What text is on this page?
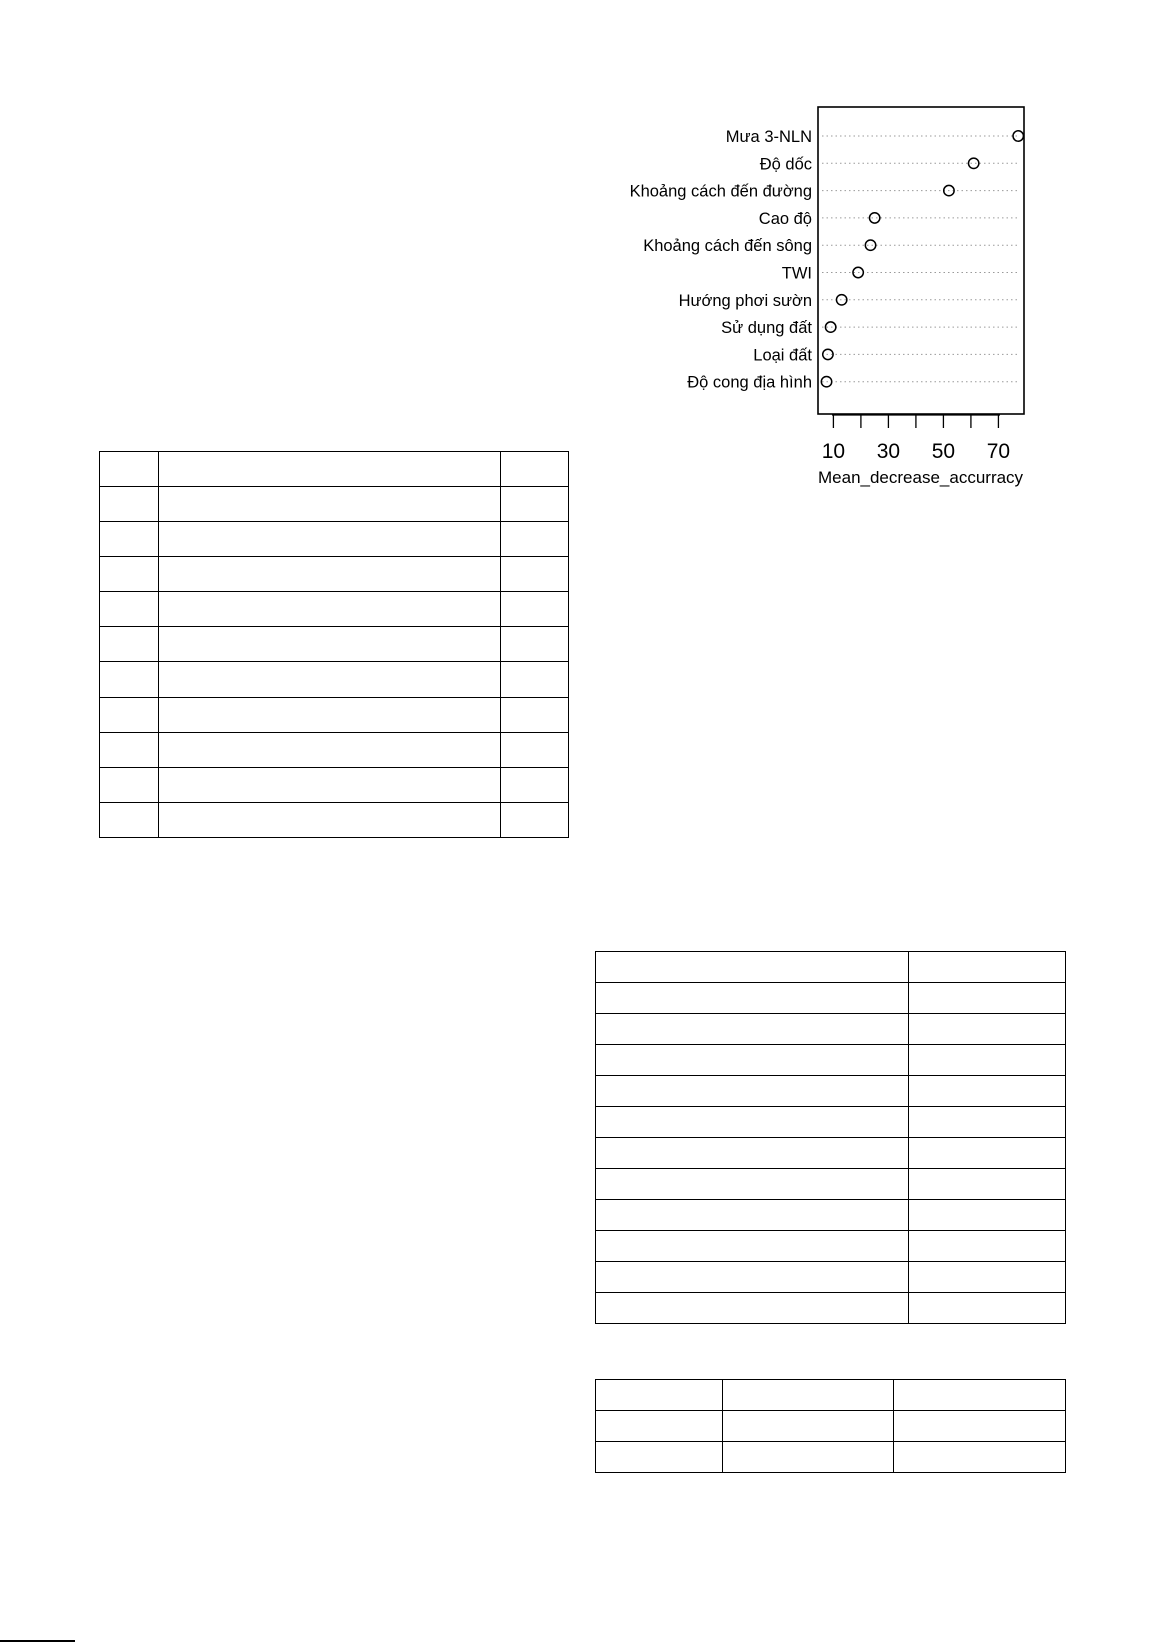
Mưa 3-NLN
Độ dốc
Khoảng cách đến đường
Cao độ
Khoảng cách đến sông
TWI
Hướng phơi sườn
Sử dụng đất
Loại đất
Độ cong địa hình
10 30 50 70
Mean_decrease_accurracy
